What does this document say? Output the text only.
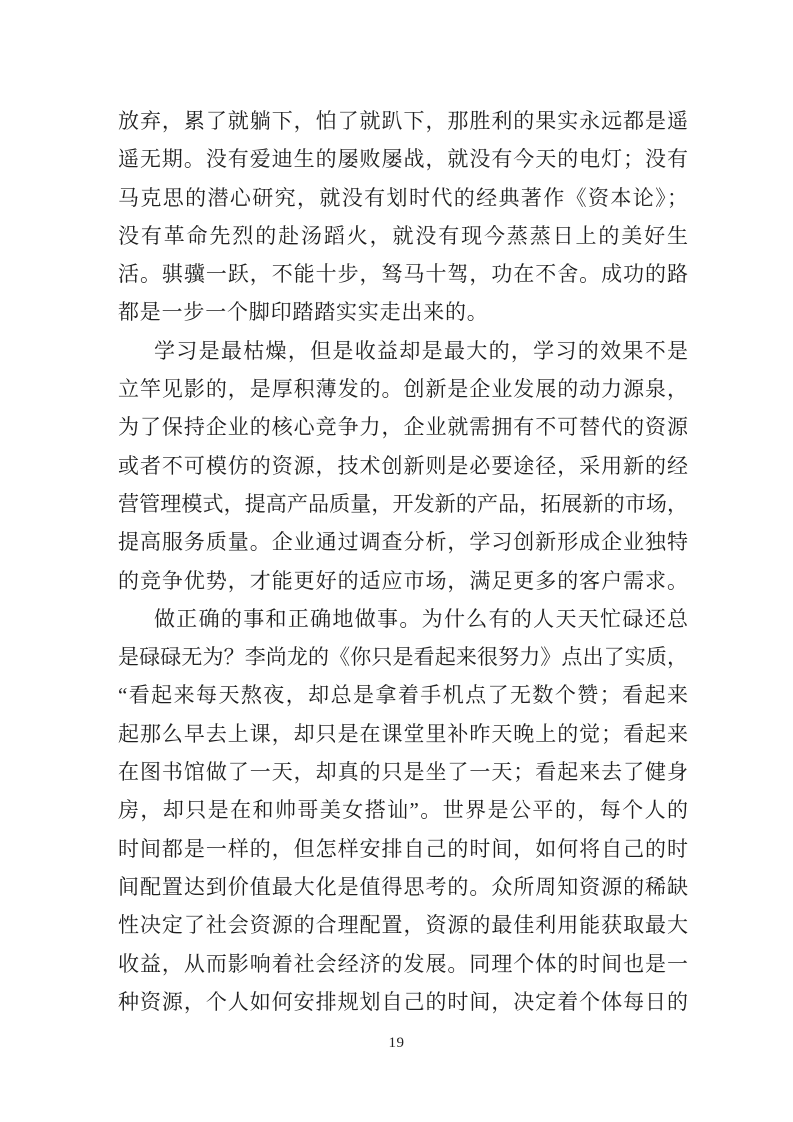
放弃，累了就躺下，怕了就趴下，那胜利的果实永远都是遥
遥无期。没有爱迪生的屡败屡战，就没有今天的电灯；没有
马克思的潜心研究，就没有划时代的经典著作《资本论》；
没有革命先烈的赴汤蹈火，就没有现今蒸蒸日上的美好生
活。骐骥一跃，不能十步，驽马十驾，功在不舍。成功的路
都是一步一个脚印踏踏实实走出来的。
学习是最枯燥，但是收益却是最大的，学习的效果不是
立竿见影的，是厚积薄发的。创新是企业发展的动力源泉，
为了保持企业的核心竞争力，企业就需拥有不可替代的资源
或者不可模仿的资源，技术创新则是必要途径，采用新的经
营管理模式，提高产品质量，开发新的产品，拓展新的市场，
提高服务质量。企业通过调查分析，学习创新形成企业独特
的竞争优势，才能更好的适应市场，满足更多的客户需求。
做正确的事和正确地做事。为什么有的人天天忙碌还总
是碌碌无为？李尚龙的《你只是看起来很努力》点出了实质，
“看起来每天熬夜，却总是拿着手机点了无数个赞；看起来
起那么早去上课，却只是在课堂里补昨天晚上的觉；看起来
在图书馆做了一天，却真的只是坐了一天；看起来去了健身
房，却只是在和帅哥美女搭讪”。世界是公平的，每个人的
时间都是一样的，但怎样安排自己的时间，如何将自己的时
间配置达到价值最大化是值得思考的。众所周知资源的稀缺
性决定了社会资源的合理配置，资源的最佳利用能获取最大
收益，从而影响着社会经济的发展。同理个体的时间也是一
种资源，个人如何安排规划自己的时间，决定着个体每日的
19
